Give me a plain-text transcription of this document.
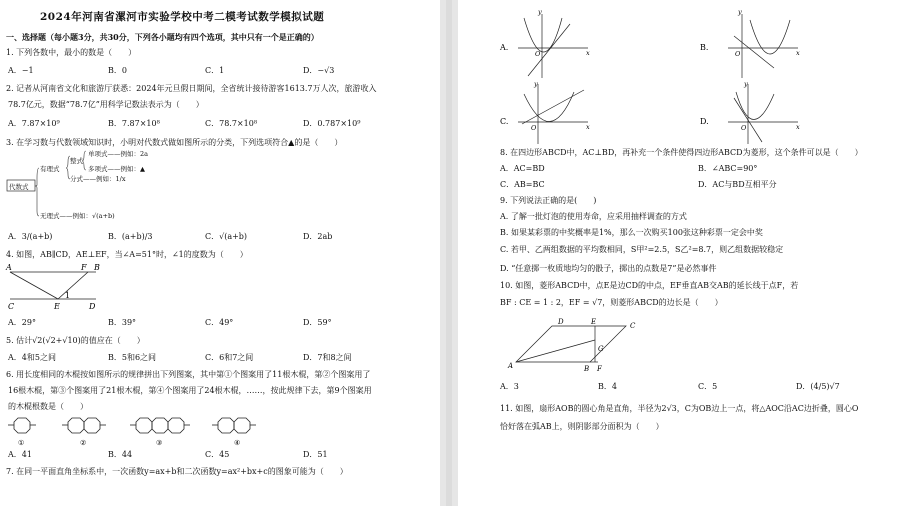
2024年河南省漯河市实验学校中考二模考试数学模拟试题
一、选择题（每小题3分，共30分，下列各小题均有四个选项，其中只有一个是正确的）
1. 下列各数中，最小的数是（　　）
A．−1	B．0	C．1	D．−√3
2. 记者从河南省文化和旅游厅获悉：2024年元旦假日期间，全省统计接待游客1613.7万人次，旅游收入
78.7亿元，数据“78.7亿”用科学记数法表示为（　　）
A．7.87×10⁹	B．7.87×10⁸	C．78.7×10⁸	D．0.787×10⁹
3. 在学习数与代数领域知识时，小明对代数式做如图所示的分类，下列选项符合▲的是（　　）
代数式
有理式
整式
单项式——例如：2a
多项式——例如：▲
分式——例如：1/x
无理式——例如：√(a+b)
A．3/(a+b)	B．(a+b)/3	C．√(a+b)	D．2ab
4. 如图，AB∥CD，AE⊥EF，当∠A=51°时，∠1的度数为（　　）
A	F B
C	E	D
1
A．29°	B．39°	C．49°	D．59°
5. 估计√2(√2+√10)的值应在（　　）
A．4和5之间	B．5和6之间	C．6和7之间	D．7和8之间
6. 用长度相同的木棍按如图所示的规律拼出下列图案，其中第①个图案用了11根木棍，第②个图案用了
16根木棍，第③个图案用了21根木棍，第④个图案用了24根木棍，……，按此规律下去，第9个图案用
的木棍根数是（　　）
①	②	③	④
A．41	B．44	C．45	D．51
7. 在同一平面直角坐标系中，一次函数y=ax+b和二次函数y=ax²+bx+c的图象可能为（　　）
y
x
O
y
x
O
y
x
O
y
x
O
A.	B.
C.	D.
8. 在四边形ABCD中，AC⊥BD，再补充一个条件使得四边形ABCD为菱形，这个条件可以是（　　）
A．AC=BD	B．∠ABC=90°
C．AB=BC	D．AC与BD互相平分
9. 下列说法正确的是(　　)
A. 了解一批灯泡的使用寿命，应采用抽样调查的方式
B. 如果某彩票的中奖概率是1%，那么一次购买100张这种彩票一定会中奖
C. 若甲、乙两组数据的平均数相同，S甲²=2.5，S乙²=8.7，则乙组数据较稳定
D. “任意掷一枚质地均匀的骰子，掷出的点数是7”是必然事件
10. 如图，菱形ABCD中，点E是边CD的中点，EF垂直AB交AB的延长线于点F，若
BF : CE = 1 : 2，EF = √7，则菱形ABCD的边长是（　　）
D	E	C
G
A	B F
A．3	B．4	C．5	D．(4/5)√7
11. 如图，扇形AOB的圆心角是直角，半径为2√3，C为OB边上一点，将△AOC沿AC边折叠，圆心O
恰好落在弧AB上，则阴影部分面积为（　　）
